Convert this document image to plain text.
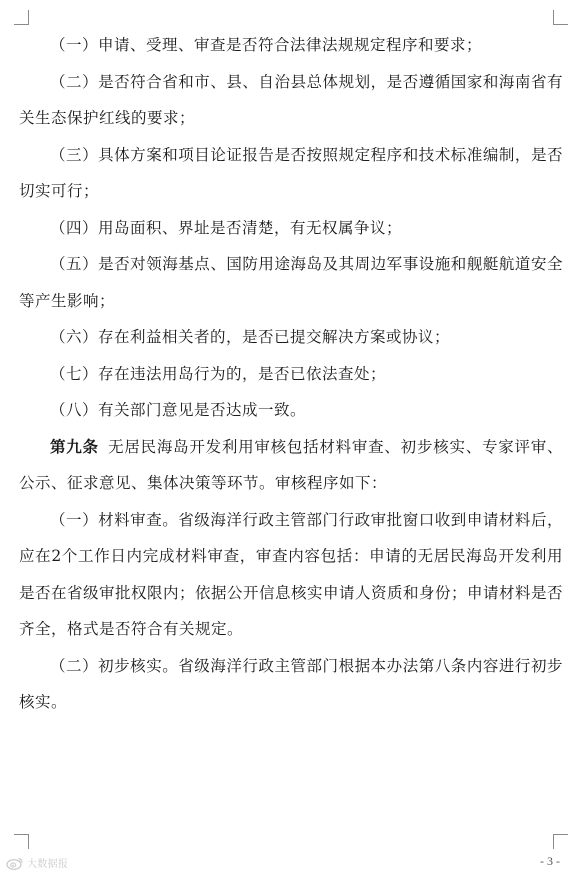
（一）申请、受理、审查是否符合法律法规规定程序和要求；

（二）是否符合省和市、县、自治县总体规划，是否遵循国家和海南省有关生态保护红线的要求；

（三）具体方案和项目论证报告是否按照规定程序和技术标准编制，是否切实可行；

（四）用岛面积、界址是否清楚，有无权属争议；

（五）是否对领海基点、国防用途海岛及其周边军事设施和舰艇航道安全等产生影响；

（六）存在利益相关者的，是否已提交解决方案或协议；

（七）存在违法用岛行为的，是否已依法查处；

（八）有关部门意见是否达成一致。

第九条 无居民海岛开发利用审核包括材料审查、初步核实、专家评审、公示、征求意见、集体决策等环节。审核程序如下：

（一）材料审查。省级海洋行政主管部门行政审批窗口收到申请材料后，应在2个工作日内完成材料审查，审查内容包括：申请的无居民海岛开发利用是否在省级审批权限内；依据公开信息核实申请人资质和身份；申请材料是否齐全，格式是否符合有关规定。

（二）初步核实。省级海洋行政主管部门根据本办法第八条内容进行初步核实。

大数据报	- 3 -
